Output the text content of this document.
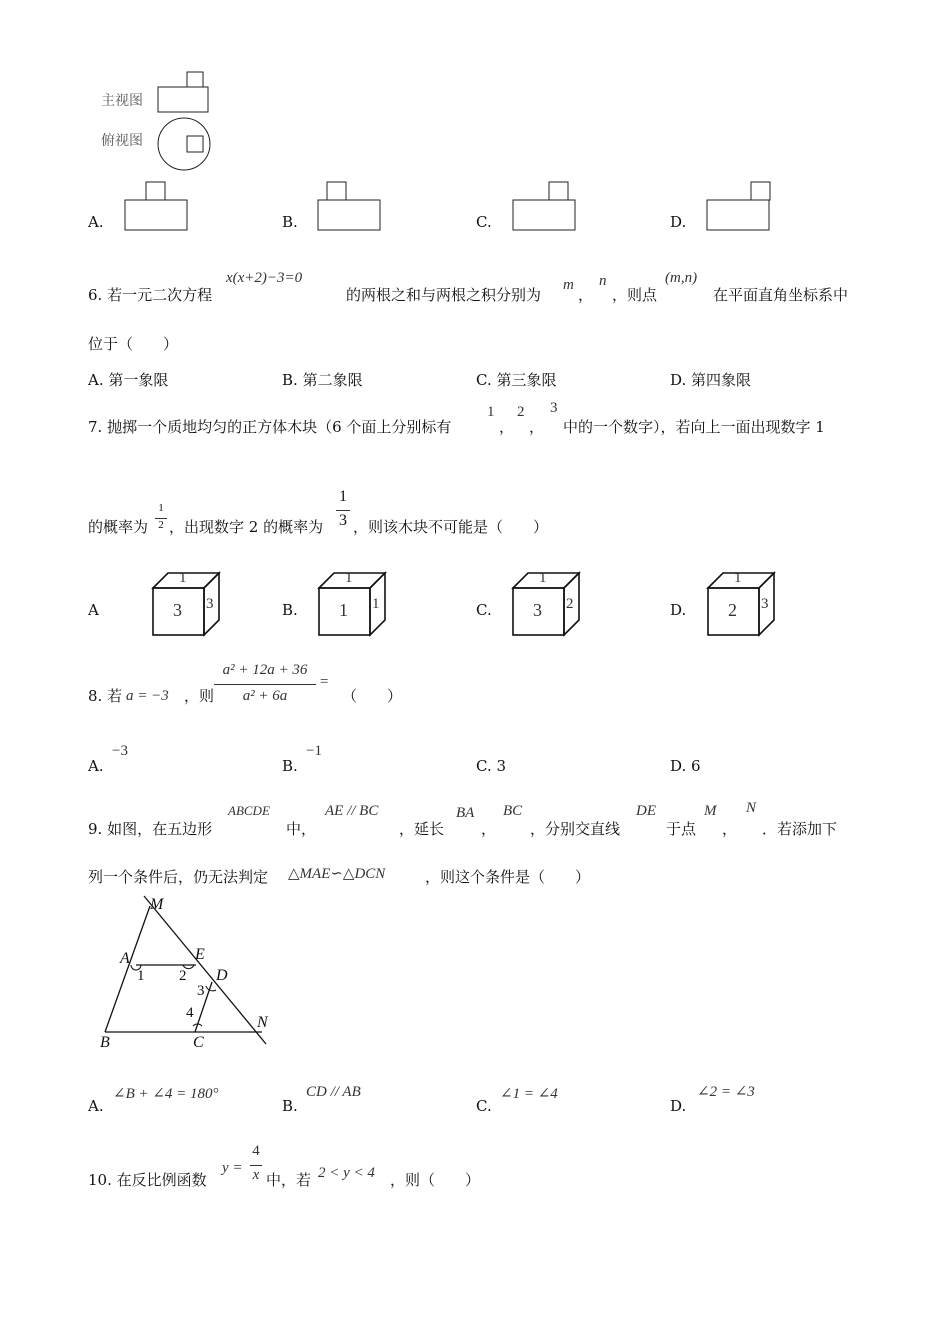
主视图
俯视图
A.	B.	C.	D.
6. 若一元二次方程
x(x+2)−3=0
的两根之和与两根之积分别为
m
，
n
，则点
(m,n)
在平面直角坐标系中
位于（　　）
A. 第一象限	B. 第二象限	C. 第三象限	D. 第四象限
7. 抛掷一个质地均匀的正方体木块（6 个面上分别标有
1
，
2
，
3
中的一个数字），若向上一面出现数字 1
的概率为
1
2 ，出现数字 2 的概率为
1
3 ，则该木块不可能是（　　）
A	B.	C.	D.
1
3 3
1
1 1
1
3 2
1
2 3
8. 若 a = −3 ，则
a² + 12a + 36
a² + 6a
=
（　　）
A.
−3
B.
−1
C. 3	D. 6
9. 如图，在五边形
ABCDE
中，
AE // BC
，延长
BA
，
BC
，分别交直线
DE
于点
M
，
N
．若添加下
列一个条件后，仍无法判定 △MAE∽△DCN	，则这个条件是（　　）
M
A	E
D
B	C
N
1 2
3
4
A.
∠B + ∠4 = 180°
B.
CD // AB
C.
∠1 = ∠4
D.
∠2 = ∠3
10. 在反比例函数
y =
4
x 中，若 2 < y < 4 ，则（　　）
